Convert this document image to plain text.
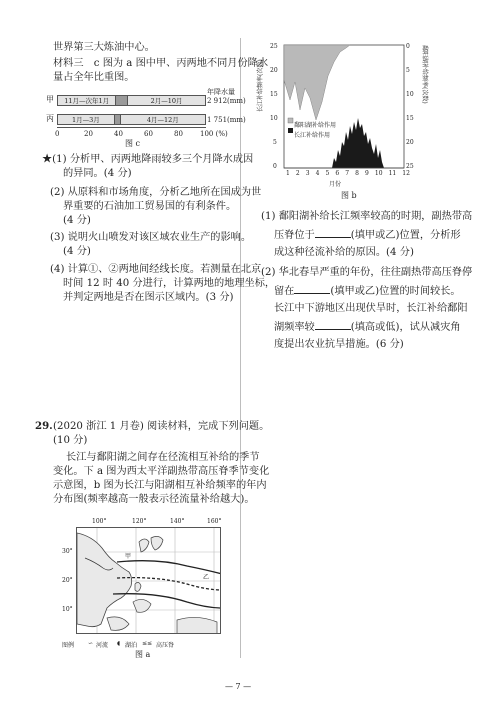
世界第三大炼油中心。
材料三　c 图为 a 图中甲、丙两地不同月份降水
量占全年比重图。
年降水量
甲	11月—次年1月	2月—10月	2 912(mm)
丙	1月—3月	4月—12月	1 751(mm)
0	20	40	60	80 100 (%)
图 c
★(1) 分析甲、丙两地降雨较多三个月降水成因
的异同。(4 分)
(2) 从原料和市场角度，分析乙地所在国成为世
界重要的石油加工贸易国的有利条件。
(4 分)
(3) 说明火山喷发对该区域农业生产的影响。
(4 分)
(4) 计算①、②两地间经线长度。若测量在北京
时间 12 时 40 分进行，计算两地的地理坐标，
并判定两地是否在图示区域内。(3 分)
29. (2020 浙江 1 月卷) 阅读材料，完成下列问题。
(10 分)
长江与鄱阳湖之间存在径流相互补给的季节
变化。下 a 图为西太平洋副热带高压脊季节变化
示意图，b 图为长江与阳湖相互补给频率的年内
分布图(频率越高一般表示径流量补给越大)。
100°	120°	140°	160°
30°
20°
10°
甲
乙
图例 ∽ 河流 ◖ 湖泊 ≤≤ 高压脊
图 a
25
20
15
10
5
0
0
5
10
15
20
25
长江补给频率(次数)	鄱阳湖补给频率(次数)
鄱阳湖补给作用
长江补给作用
1 2 3 4 5 6 7 8 9 10 11 12
月份
图 b
(1) 鄱阳湖补给长江频率较高的时期，副热带高
压脊位于	(填甲或乙)位置，分析形
成这种径流补给的原因。(4 分)
(2) 华北春旱严重的年份，往往副热带高压脊停
留在	(填甲或乙)位置的时间较长。
长江中下游地区出现伏旱时，长江补给鄱阳
湖频率较	(填高或低)，试从减灾角
度提出农业抗旱措施。(6 分)
— 7 —
